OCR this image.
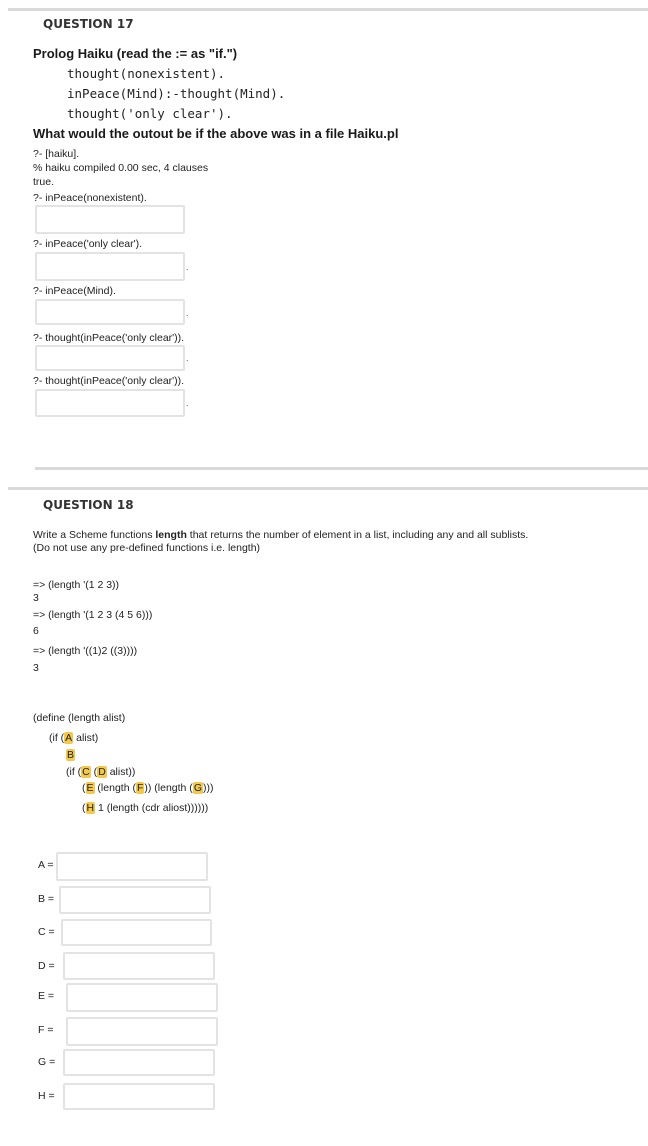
QUESTION 17
Prolog Haiku (read the := as "if.")
thought(nonexistent).
inPeace(Mind):-thought(Mind).
thought('only clear').
What would the outout be if the above was in a file Haiku.pl
?- [haiku].
% haiku compiled 0.00 sec, 4 clauses
true.
?- inPeace(nonexistent).
?- inPeace('only clear').
.
?- inPeace(Mind).
.
?- thought(inPeace('only clear')).
.
?- thought(inPeace('only clear')).
.
QUESTION 18
Write a Scheme functions length that returns the number of element in a list, including any and all sublists.
(Do not use any pre-defined functions i.e. length)
=> (length '(1 2 3))
3
=> (length '(1 2 3 (4 5 6)))
6
=> (length '((1)2 ((3))))
3
(define (length alist)
(if (A alist)
B
(if (C (D alist))
(E (length (F)) (length (G)))
(H 1 (length (cdr aliost))))))
A =
B =
C =
D =
E =
F =
G =
H =
